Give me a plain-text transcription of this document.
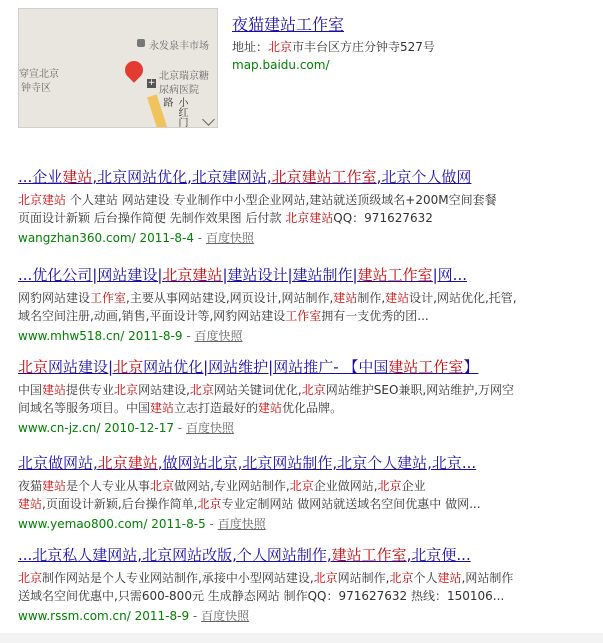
永发泉丰市场
穿宣北京
钟寺区	+
北京瑞京糖
尿病医院
小红门路
夜猫建站工作室
地址：北京市丰台区方庄分钟寺527号
map.baidu.com/
...企业建站,北京网站优化,北京建网站,北京建站工作室,北京个人做网
北京建站 个人建站 网站建设 专业制作中小型企业网站,建站就送顶级域名+200M空间套餐
页面设计新颖 后台操作简便 先制作效果图 后付款 北京建站QQ：971627632
wangzhan360.com/ 2011-8-4 - 百度快照
...优化公司|网站建设|北京建站|建站设计|建站制作|建站工作室|网...
网豹网站建设工作室,主要从事网站建设,网页设计,网站制作,建站制作,建站设计,网站优化,托管,
域名空间注册,动画,销售,平面设计等,网豹网站建设工作室拥有一支优秀的团...
www.mhw518.cn/ 2011-8-9 - 百度快照
北京网站建设|北京网站优化|网站维护|网站推广- 【中国建站工作室】
中国建站提供专业北京网站建设,北京网站关键词优化,北京网站维护SEO兼职,网站维护,万网空
间域名等服务项目。中国建站立志打造最好的建站优化品牌。
www.cn-jz.cn/ 2010-12-17 - 百度快照
北京做网站,北京建站,做网站北京,北京网站制作,北京个人建站,北京...
夜猫建站是个人专业从事北京做网站,专业网站制作,北京企业做网站,北京企业
建站,页面设计新颖,后台操作简单,北京专业定制网站 做网站就送域名空间优惠中 做网...
www.yemao800.com/ 2011-8-5 - 百度快照
...北京私人建网站,北京网站改版,个人网站制作,建站工作室,北京便...
北京制作网站是个人专业网站制作,承接中小型网站建设,北京网站制作,北京个人建站,网站制作
送域名空间优惠中,只需600-800元 生成静态网站 制作QQ：971627632 热线：150106...
www.rssm.com.cn/ 2011-8-9 - 百度快照
